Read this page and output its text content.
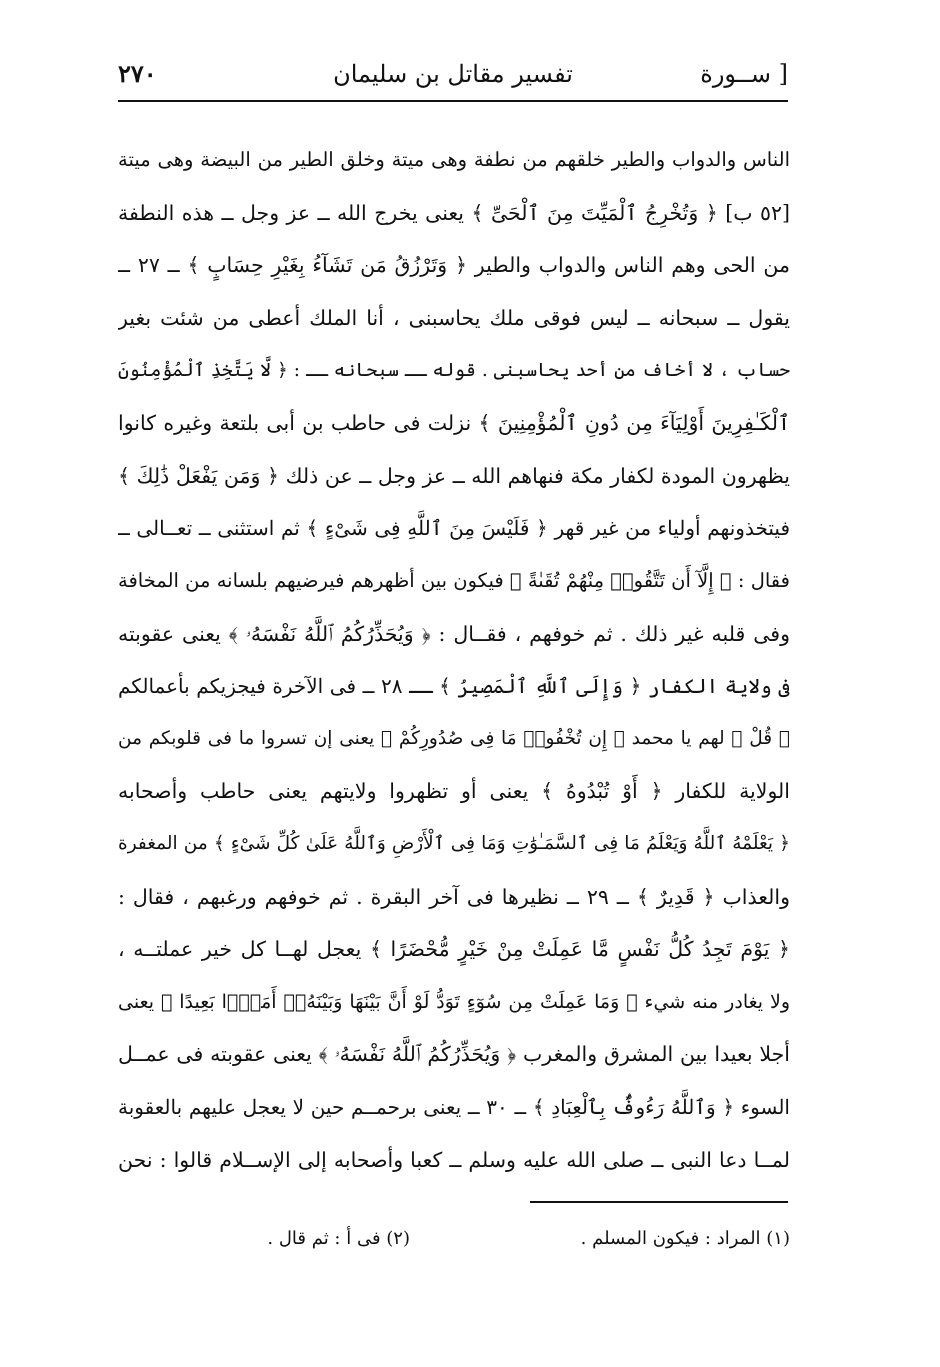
٢٧٠	تفسير مقاتل بن سليمان	[ ســورة
الناس والدواب والطير خلقهم من نطفة وهى ميتة وخلق الطير من البيضة وهى ميتة
[٥٢ ب] ﴿ وَتُخْرِجُ ٱلْمَيِّتَ مِنَ ٱلْحَىِّ ﴾ يعنى يخرج الله ــ عز وجل ــ هذه النطفة
من الحى وهم الناس والدواب والطير ﴿ وَتَرْزُقُ مَن تَشَآءُ بِغَيْرِ حِسَابٍ ﴾ ــ ٢٧ ــ
يقول ــ سبحانه ــ ليس فوقى ملك يحاسبنى ، أنا الملك أعطى من شئت بغير
حساب ، لا أخاف من أحد يحاسبنى . قوله ــ سبحانه ــ : ﴿ لَّا يَتَّخِذِ ٱلْمُؤْمِنُونَ
ٱلْكَـٰفِرِينَ أَوْلِيَآءَ مِن دُونِ ٱلْمُؤْمِنِينَ ﴾ نزلت فى حاطب بن أبى بلتعة وغيره كانوا
يظهرون المودة لكفار مكة فنهاهم الله ــ عز وجل ــ عن ذلك ﴿ وَمَن يَفْعَلْ ذَٰلِكَ ﴾
فيتخذونهم أولياء من غير قهر ﴿ فَلَيْسَ مِنَ ٱللَّهِ فِى شَىْءٍ ﴾ ثم استثنى ــ تعــالى ــ
فقال : ﴿ إِلَّآ أَن تَتَّقُوا۟ مِنْهُمْ تُقَىٰةً ﴾ فيكون بين أظهرهم فيرضيهم بلسانه من المخافة
وفى قلبه غير ذلك . ثم خوفهم ، فقــال : ﴿ وَيُحَذِّرُكُمُ ٱللَّهُ نَفْسَهُۥ ﴾ يعنى عقوبته
فى ولاية الكفار ﴿ وَإِلَى ٱللَّهِ ٱلْمَصِيرُ ﴾ ــ ٢٨ ــ فى الآخرة فيجزيكم بأعمالكم
﴿ قُلْ ﴾ لهم يا محمد ﴿ إِن تُخْفُوا۟ مَا فِى صُدُورِكُمْ ﴾ يعنى إن تسروا ما فى قلوبكم من
الولاية للكفار ﴿ أَوْ تُبْدُوهُ ﴾ يعنى أو تظهروا ولايتهم يعنى حاطب وأصحابه
﴿ يَعْلَمْهُ ٱللَّهُ وَيَعْلَمُ مَا فِى ٱلسَّمَـٰوَٰتِ وَمَا فِى ٱلْأَرْضِ وَٱللَّهُ عَلَىٰ كُلِّ شَىْءٍ ﴾ من المغفرة
والعذاب ﴿ قَدِيرٌ ﴾ ــ ٢٩ ــ نظيرها فى آخر البقرة . ثم خوفهم ورغبهم ، فقال :
﴿ يَوْمَ تَجِدُ كُلُّ نَفْسٍ مَّا عَمِلَتْ مِنْ خَيْرٍ مُّحْضَرًا ﴾ يعجل لهــا كل خير عملتــه ،
ولا يغادر منه شيء ﴿ وَمَا عَمِلَتْ مِن سُوٓءٍ تَوَدُّ لَوْ أَنَّ بَيْنَهَا وَبَيْنَهُۥٓ أَمَدًۢا بَعِيدًا ﴾ يعنى
أجلا بعيدا بين المشرق والمغرب ﴿ وَيُحَذِّرُكُمُ ٱللَّهُ نَفْسَهُۥ ﴾ يعنى عقوبته فى عمــل
السوء ﴿ وَٱللَّهُ رَءُوفٌۢ بِٱلْعِبَادِ ﴾ ــ ٣٠ ــ يعنى برحمــم حين لا يعجل عليهم بالعقوبة
لمــا دعا النبى ــ صلى الله عليه وسلم ــ كعبا وأصحابه إلى الإســلام قالوا : نحن
(١) المراد : فيكون المسلم .
(٢) فى أ : ثم قال .
